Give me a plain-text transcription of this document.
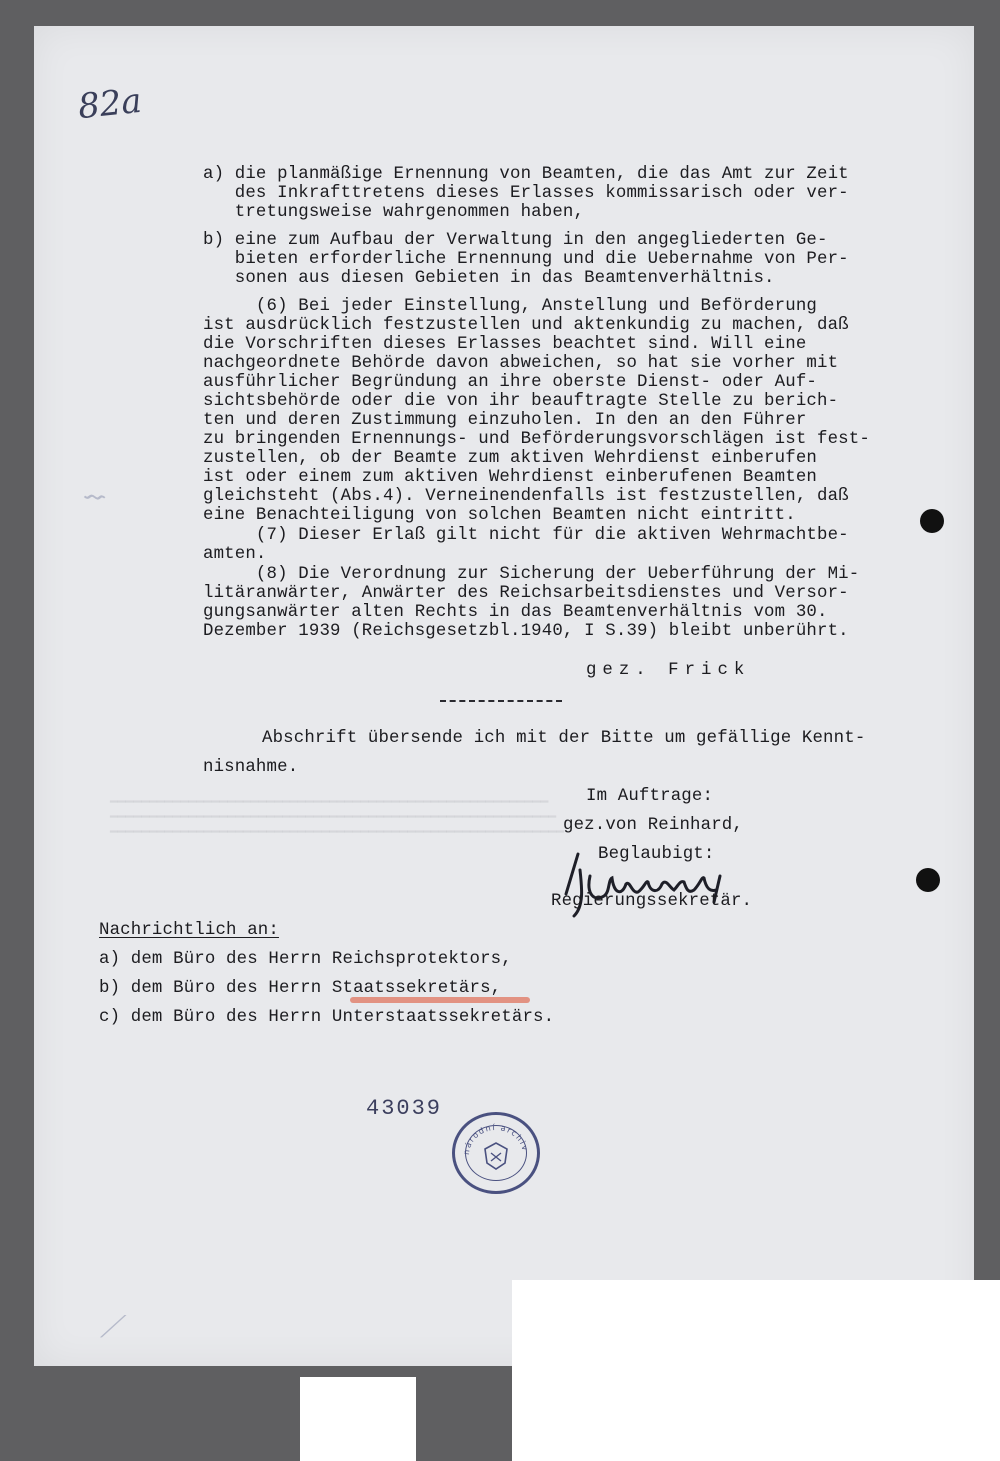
82a
⌇
⟋
a) die planmäßige Ernennung von Beamten, die das Amt zur Zeit
des Inkrafttretens dieses Erlasses kommissarisch oder ver-
tretungsweise wahrgenommen haben,
b) eine zum Aufbau der Verwaltung in den angegliederten Ge-
bieten erforderliche Ernennung und die Uebernahme von Per-
sonen aus diesen Gebieten in das Beamtenverhältnis.
(6) Bei jeder Einstellung, Anstellung und Beförderung
ist ausdrücklich festzustellen und aktenkundig zu machen, daß
die Vorschriften dieses Erlasses beachtet sind. Will eine
nachgeordnete Behörde davon abweichen, so hat sie vorher mit
ausführlicher Begründung an ihre oberste Dienst- oder Auf-
sichtsbehörde oder die von ihr beauftragte Stelle zu berich-
ten und deren Zustimmung einzuholen. In den an den Führer
zu bringenden Ernennungs- und Beförderungsvorschlägen ist fest-
zustellen, ob der Beamte zum aktiven Wehrdienst einberufen
ist oder einem zum aktiven Wehrdienst einberufenen Beamten
gleichsteht (Abs.4). Verneinendenfalls ist festzustellen, daß
eine Benachteiligung von solchen Beamten nicht eintritt.
(7) Dieser Erlaß gilt nicht für die aktiven Wehrmachtbe-
amten.
(8) Die Verordnung zur Sicherung der Ueberführung der Mi-
litäranwärter, Anwärter des Reichsarbeitsdienstes und Versor-
gungsanwärter alten Rechts in das Beamtenverhältnis vom 30.
Dezember 1939 (Reichsgesetzbl.1940, I S.39) bleibt unberührt.
gez. Frick
Abschrift übersende ich mit der Bitte um gefällige Kennt-
nisnahme.
Im Auftrage:
gez.von Reinhard,
Beglaubigt:
Regierungssekretär.
Nachrichtlich an:
a) dem Büro des Herrn Reichsprotektors,
b) dem Büro des Herrn Staatssekretärs,
c) dem Büro des Herrn Unterstaatssekretärs.
43039
národní archiv
